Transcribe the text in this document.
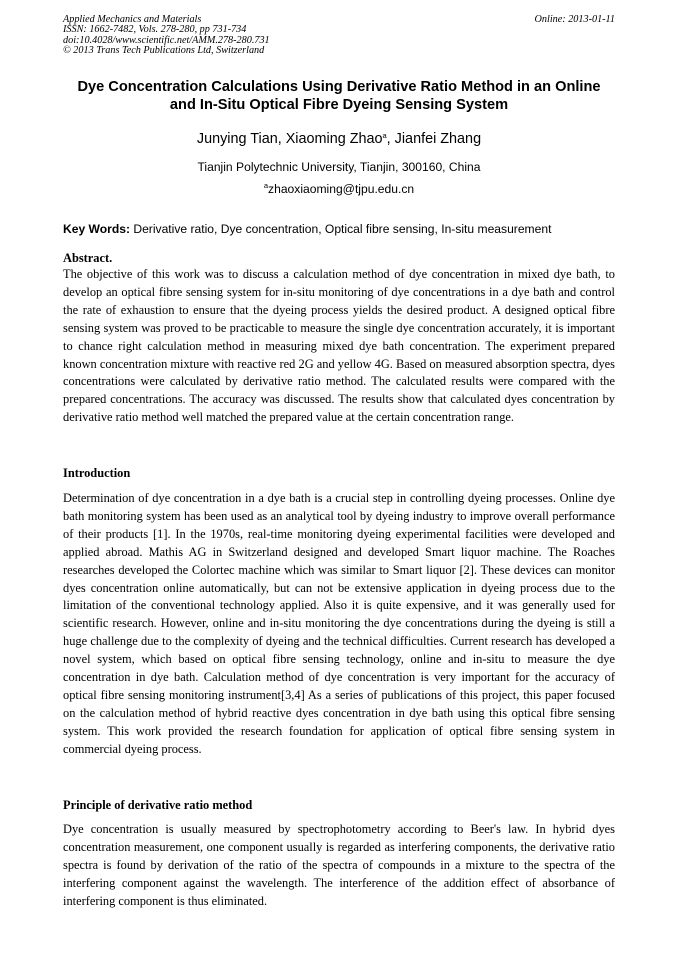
Applied Mechanics and Materials
ISSN: 1662-7482, Vols. 278-280, pp 731-734
doi:10.4028/www.scientific.net/AMM.278-280.731
© 2013 Trans Tech Publications Ltd, Switzerland
Online: 2013-01-11
Dye Concentration Calculations Using Derivative Ratio Method in an Online and In-Situ Optical Fibre Dyeing Sensing System
Junying Tian, Xiaoming Zhao$^a$, Jianfei Zhang
Tianjin Polytechnic University, Tianjin, 300160, China
$^a$zhaoxiaoming@tjpu.edu.cn
Key Words: Derivative ratio, Dye concentration, Optical fibre sensing, In-situ measurement
Abstract.
The objective of this work was to discuss a calculation method of dye concentration in mixed dye bath, to develop an optical fibre sensing system for in-situ monitoring of dye concentrations in a dye bath and control the rate of exhaustion to ensure that the dyeing process yields the desired product. A designed optical fibre sensing system was proved to be practicable to measure the single dye concentration accurately, it is important to chance right calculation method in measuring mixed dye bath concentration. The experiment prepared known concentration mixture with reactive red 2G and yellow 4G. Based on measured absorption spectra, dyes concentrations were calculated by derivative ratio method. The calculated results were compared with the prepared concentrations. The accuracy was discussed. The results show that calculated dyes concentration by derivative ratio method well matched the prepared value at the certain concentration range.
Introduction
Determination of dye concentration in a dye bath is a crucial step in controlling dyeing processes. Online dye bath monitoring system has been used as an analytical tool by dyeing industry to improve overall performance of their products [1]. In the 1970s, real-time monitoring dyeing experimental facilities were developed and applied abroad. Mathis AG in Switzerland designed and developed Smart liquor machine. The Roaches researches developed the Colortec machine which was similar to Smart liquor [2]. These devices can monitor dyes concentration online automatically, but can not be extensive application in dyeing process due to the limitation of the conventional technology applied. Also it is quite expensive, and it was generally used for scientific research. However, online and in-situ monitoring the dye concentrations during the dyeing is still a huge challenge due to the complexity of dyeing and the technical difficulties. Current research has developed a novel system, which based on optical fibre sensing technology, online and in-situ to measure the dye concentration in dye bath. Calculation method of dye concentration is very important for the accuracy of optical fibre sensing monitoring instrument[3,4] As a series of publications of this project, this paper focused on the calculation method of hybrid reactive dyes concentration in dye bath using this optical fibre sensing system. This work provided the research foundation for application of optical fibre sensing system in commercial dyeing process.
Principle of derivative ratio method
Dye concentration is usually measured by spectrophotometry according to Beer's law. In hybrid dyes concentration measurement, one component usually is regarded as interfering components, the derivative ratio spectra is found by derivation of the ratio of the spectra of compounds in a mixture to the spectra of the interfering component against the wavelength. The interference of the addition effect of absorbance of interfering component is thus eliminated.
